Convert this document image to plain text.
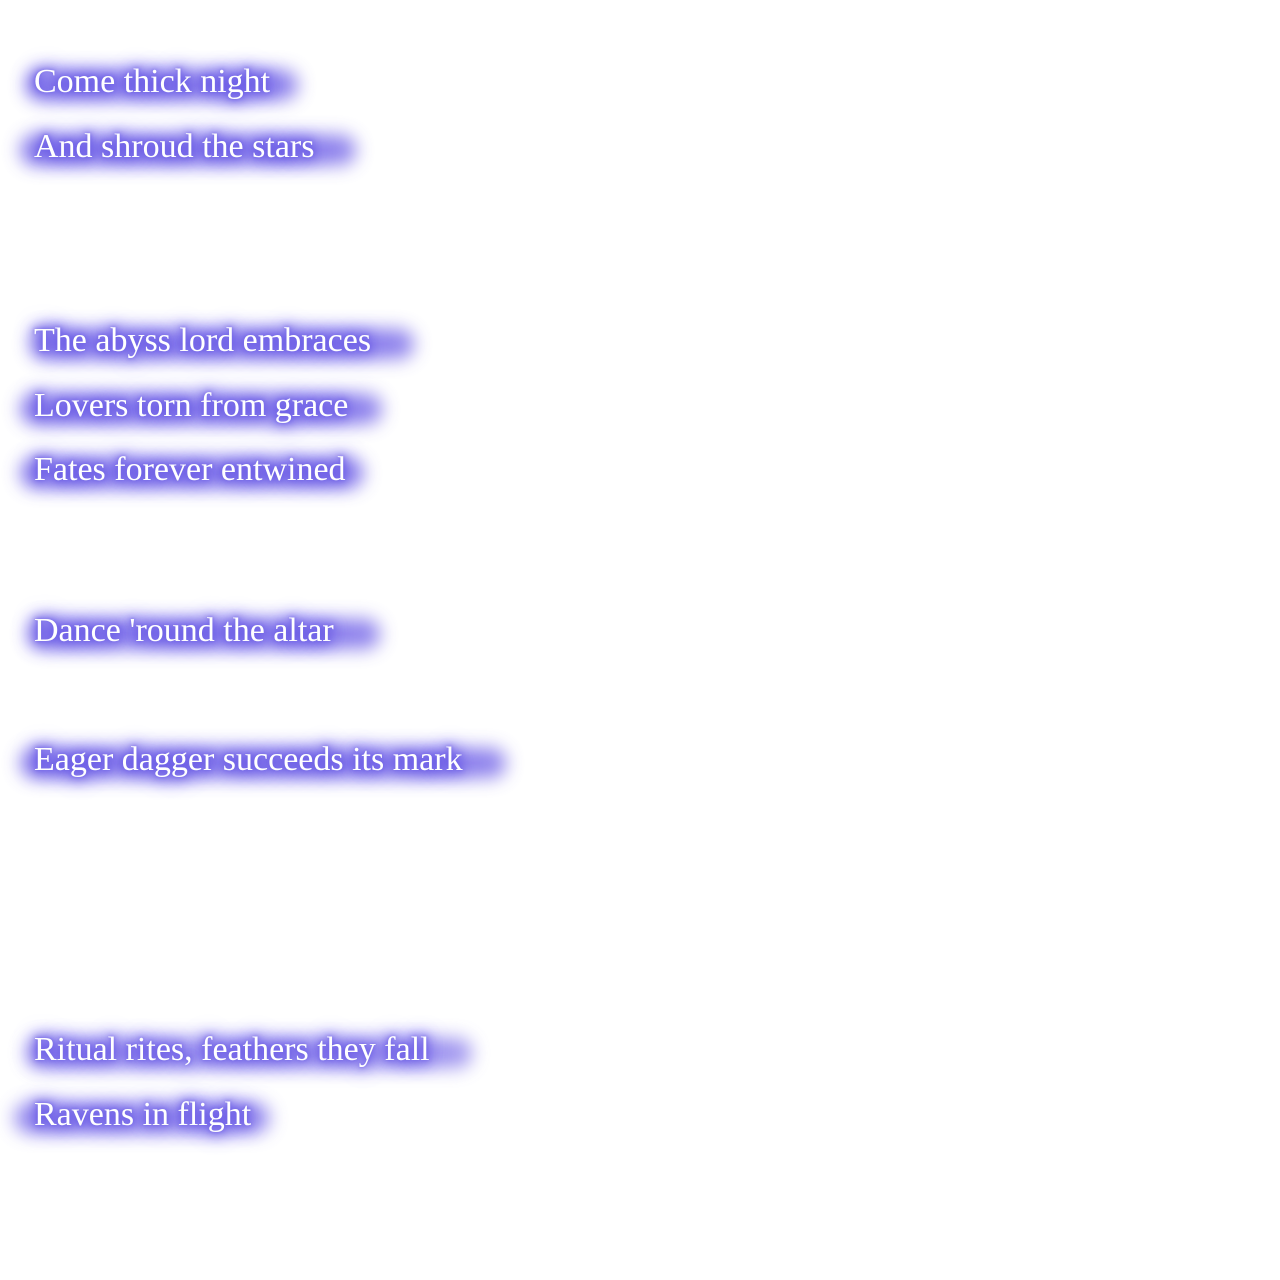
Come thick night

And shroud the stars

The abyss lord embraces

Lovers torn from grace

Fates forever entwined

Dance 'round the altar

Eager dagger succeeds its mark

Ritual rites, feathers they fall

Ravens in flight
